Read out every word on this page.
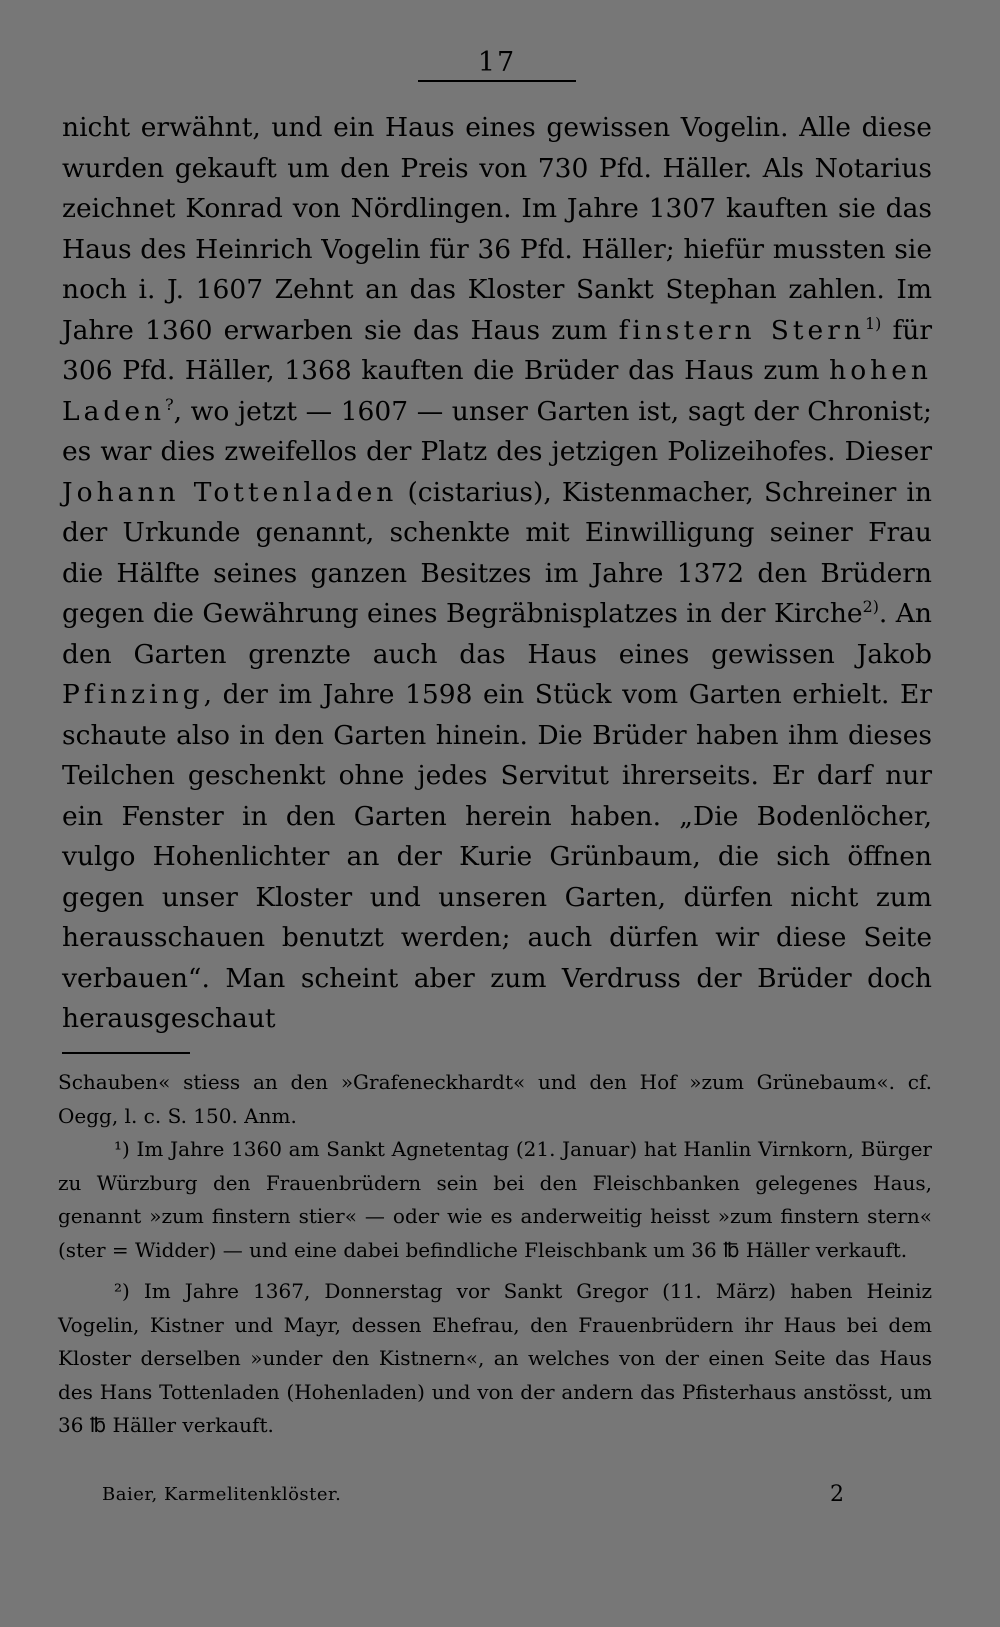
17

nicht erwähnt, und ein Haus eines gewissen Vogelin. Alle diese wurden gekauft um den Preis von 730 Pfd. Häller. Als Notarius zeichnet Konrad von Nördlingen. Im Jahre 1307 kauften sie das Haus des Heinrich Vogelin für 36 Pfd. Häller; hiefür mussten sie noch i. J. 1607 Zehnt an das Kloster Sankt Stephan zahlen. Im Jahre 1360 erwarben sie das Haus zum finstern Stern$^{1)}$ für 306 Pfd. Häller, 1368 kauften die Brüder das Haus zum hohen Laden?, wo jetzt — 1607 — unser Garten ist, sagt der Chronist; es war dies zweifellos der Platz des jetzigen Polizeihofes. Dieser Johann Tottenladen (cistarius), Kistenmacher, Schreiner in der Urkunde genannt, schenkte mit Einwilligung seiner Frau die Hälfte seines ganzen Besitzes im Jahre 1372 den Brüdern gegen die Gewährung eines Begräbnisplatzes in der Kirche$^{2)}$. An den Garten grenzte auch das Haus eines gewissen Jakob Pfinzing, der im Jahre 1598 ein Stück vom Garten erhielt. Er schaute also in den Garten hinein. Die Brüder haben ihm dieses Teilchen geschenkt ohne jedes Servitut ihrerseits. Er darf nur ein Fenster in den Garten herein haben. „Die Bodenlöcher, vulgo Hohenlichter an der Kurie Grünbaum, die sich öffnen gegen unser Kloster und unseren Garten, dürfen nicht zum herausschauen benutzt werden; auch dürfen wir diese Seite verbauen“. Man scheint aber zum Verdruss der Brüder doch herausgeschaut

Schauben« stiess an den »Grafeneckhardt« und den Hof »zum Grünebaum«. cf. Oegg, l. c. S. 150. Anm.

¹) Im Jahre 1360 am Sankt Agnetentag (21. Januar) hat Hanlin Virnkorn, Bürger zu Würzburg den Frauenbrüdern sein bei den Fleischbanken gelegenes Haus, genannt »zum finstern stier« — oder wie es anderweitig heisst »zum finstern stern« (ster = Widder) — und eine dabei befindliche Fleischbank um 36 ℔ Häller verkauft.

²) Im Jahre 1367, Donnerstag vor Sankt Gregor (11. März) haben Heiniz Vogelin, Kistner und Mayr, dessen Ehefrau, den Frauenbrüdern ihr Haus bei dem Kloster derselben »under den Kistnern«, an welches von der einen Seite das Haus des Hans Tottenladen (Hohenladen) und von der andern das Pfisterhaus anstösst, um 36 ℔ Häller verkauft.

Baier, Karmelitenklöster.	2
